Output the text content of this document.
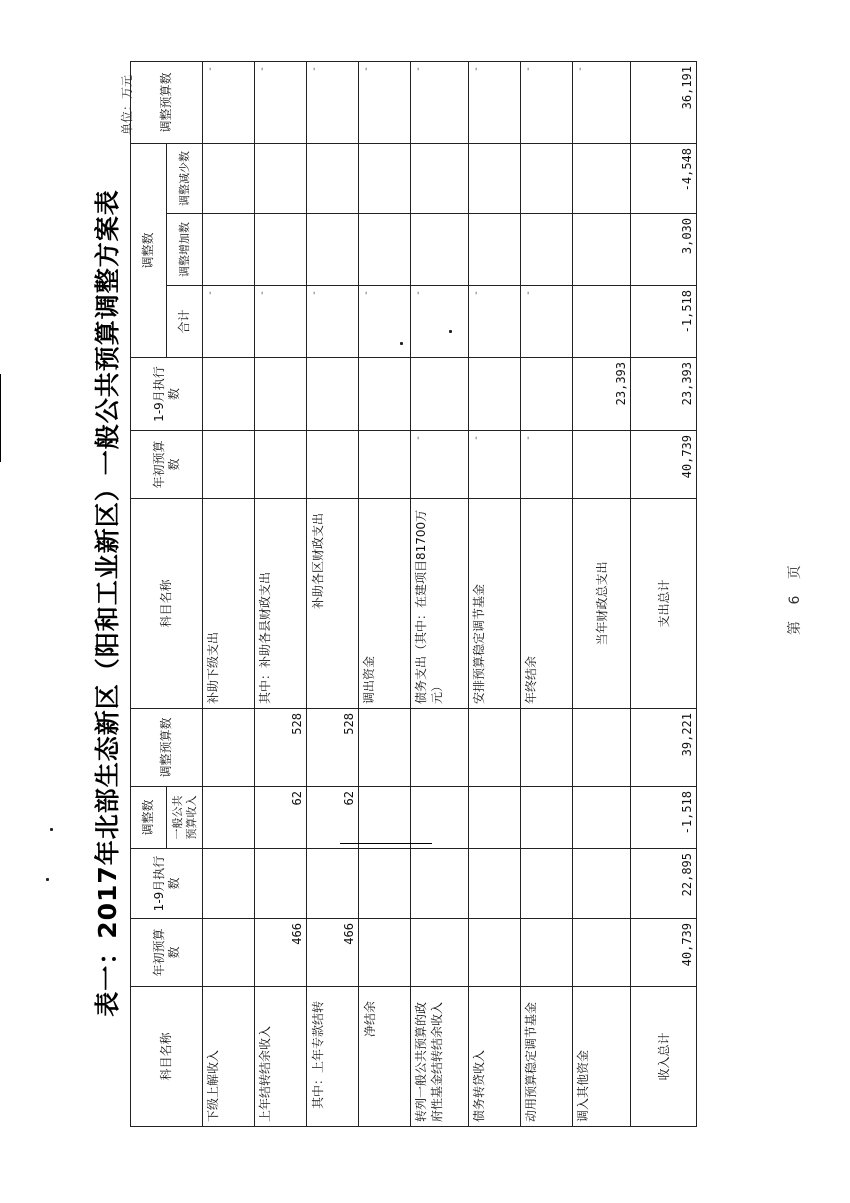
表一：2017年北部生态新区（阳和工业新区）一般公共预算调整方案表
单位：万元
科目名称	年初预算数	1-9月执行数	调整数	调整预算数	科目名称	年初预算数	1-9月执行数	调整数			调整预算数
			一般公共预算收入					合计	调整增加数	调整减少数	
下级上解收入					补助下级支出			-			-
上年结转结余收入	466		62	528	其中：补助各县财政支出			-			-
其中：上年专款结转	466		62	528	补助各区财政支出			-			-
净结余					调出资金			-			-
转列一般公共预算的政府性基金结转结余收入					债务支出（其中：在建项目81700万元）	-		-			-
债务转贷收入					安排预算稳定调节基金	-		-			-
动用预算稳定调节基金					年终结余	-		-			-
调入其他资金					当年财政总支出		23,393				-
收入总计	40,739	22,895	-1,518	39,221	支出总计	40,739	23,393	-1,518	3,030	-4,548	36,191
第 6 页
